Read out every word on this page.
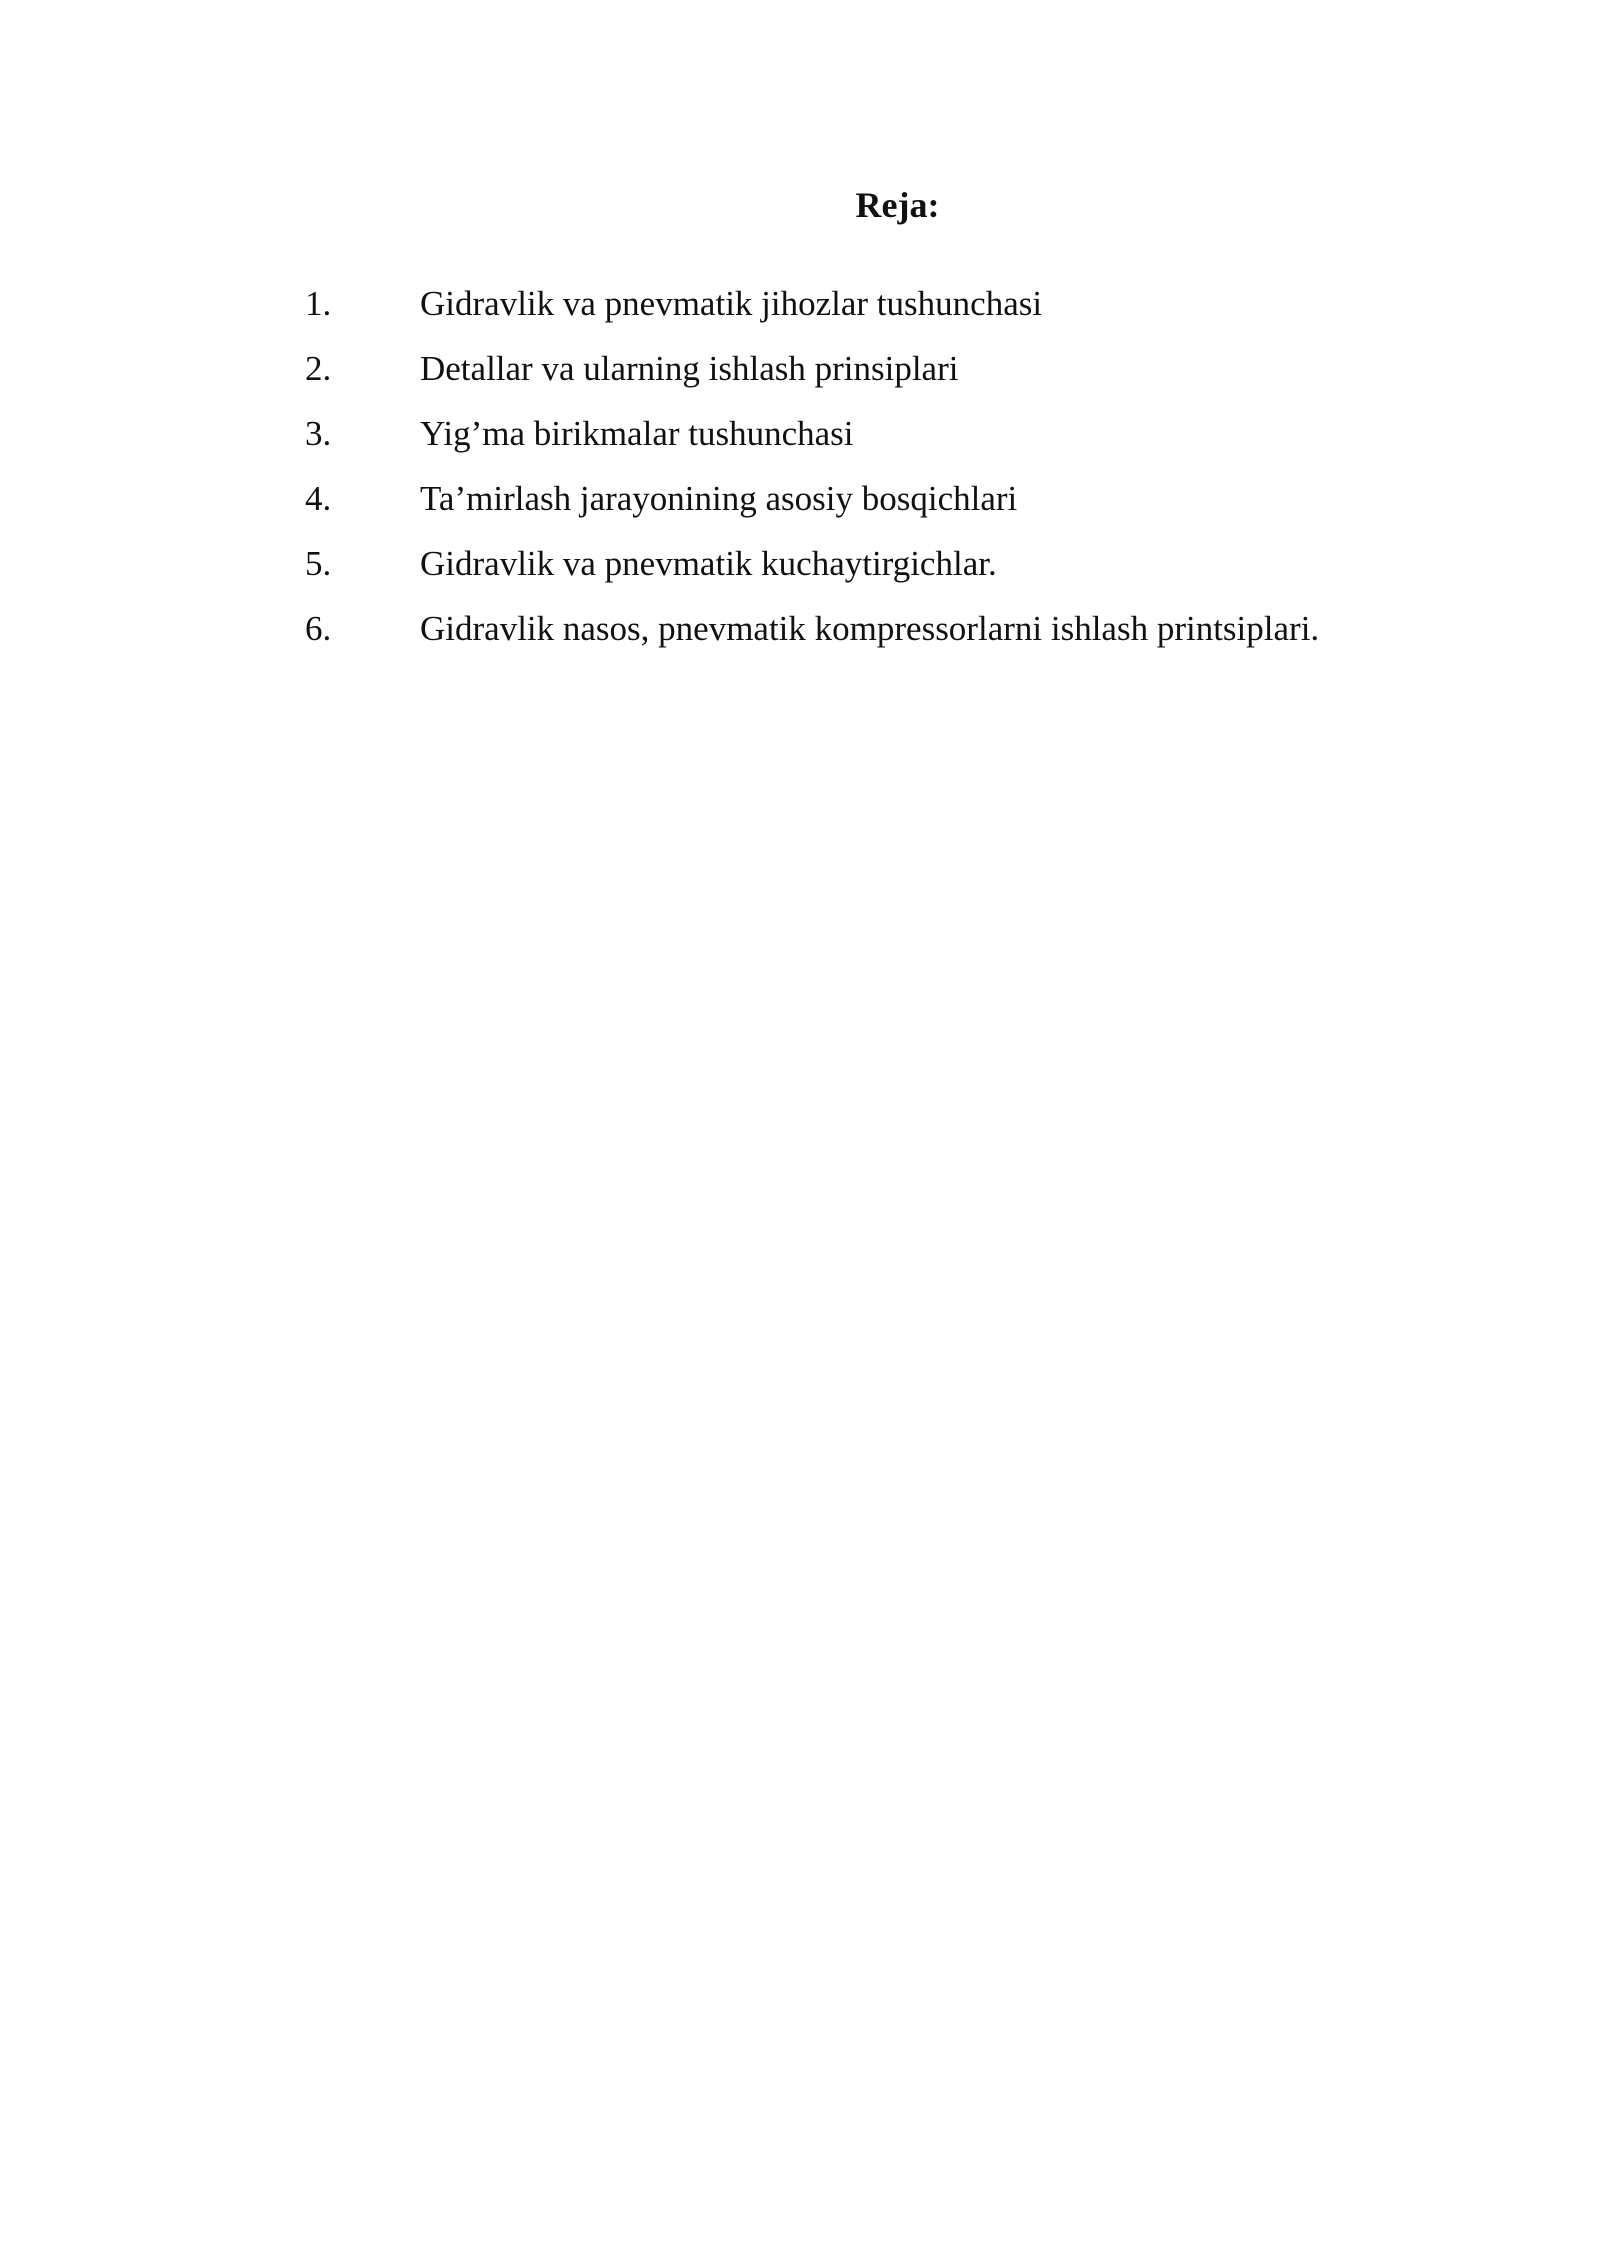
Reja:
1.	Gidravlik va pnevmatik jihozlar tushunchasi
2.	Detallar va ularning ishlash prinsiplari
3.	Yig’ma birikmalar tushunchasi
4.	Ta’mirlash jarayonining asosiy bosqichlari
5.	Gidravlik va pnevmatik kuchaytirgichlar.
6.	Gidravlik nasos, pnevmatik kompressorlarni ishlash printsiplari.
